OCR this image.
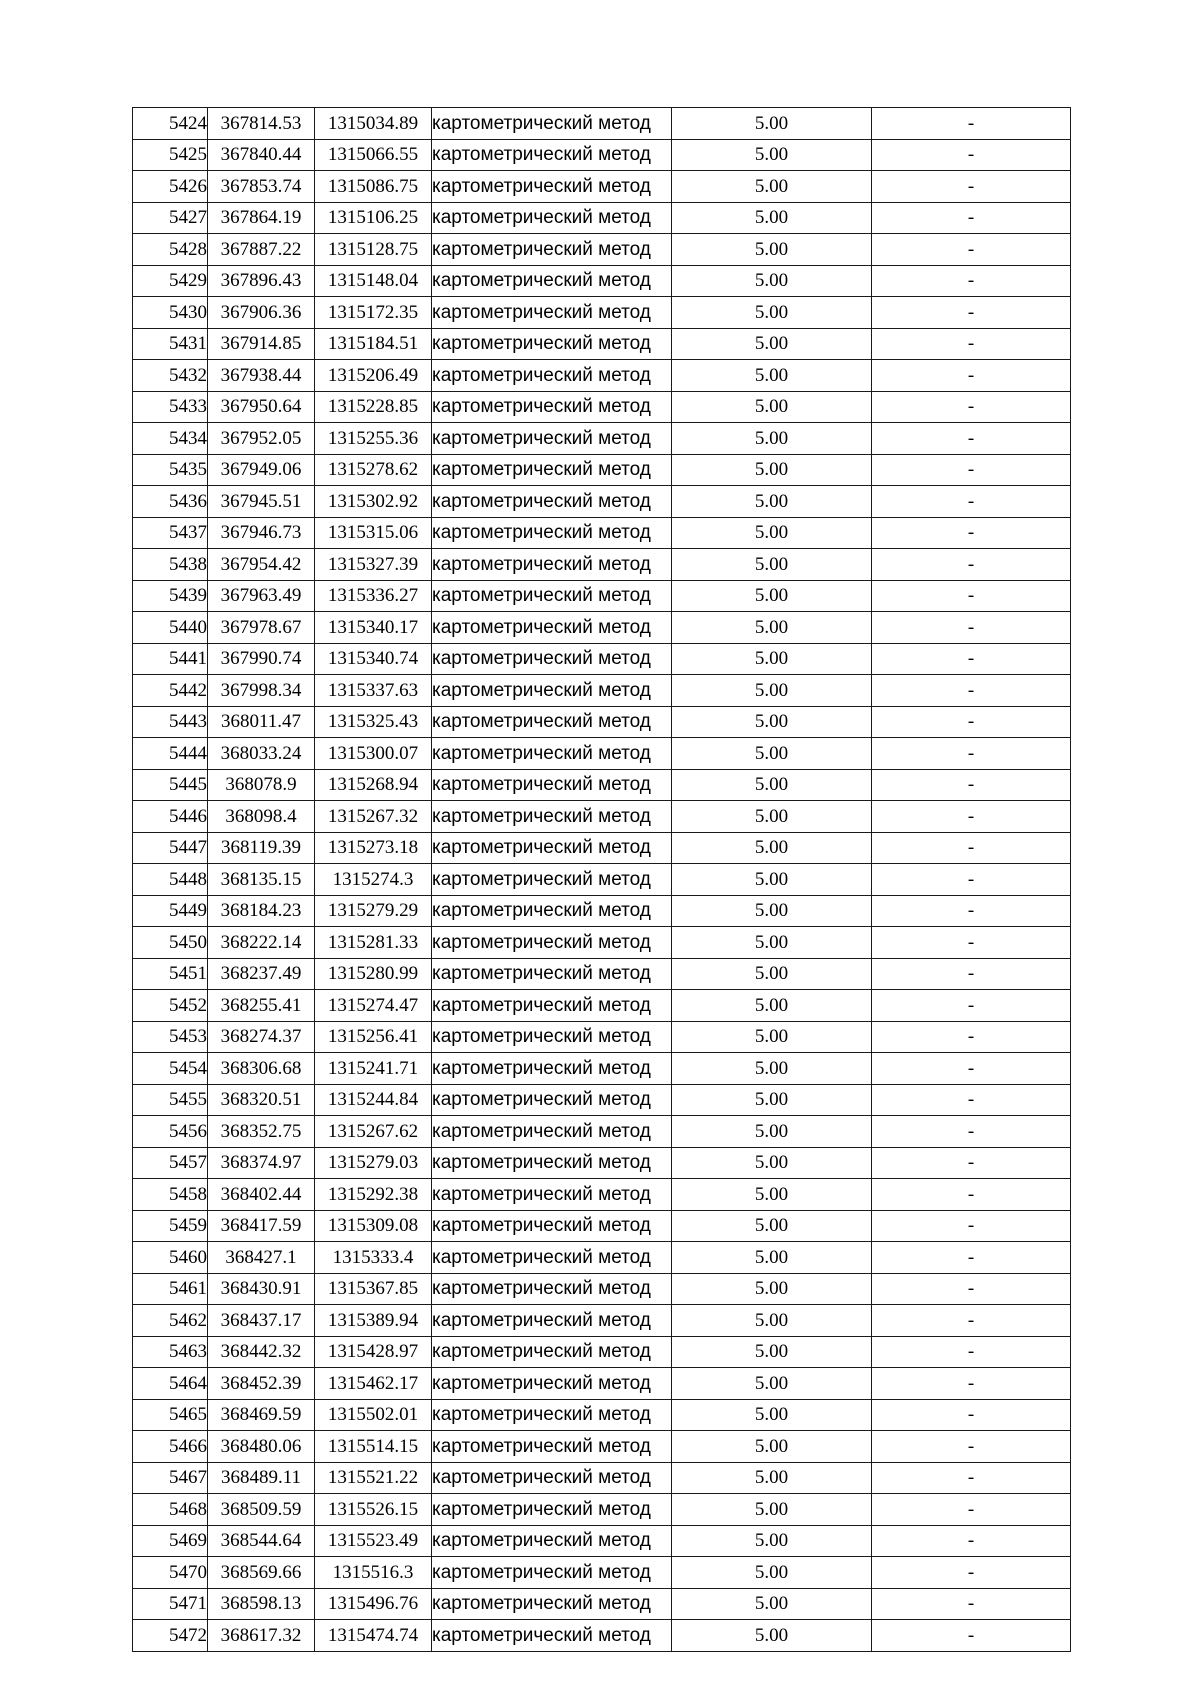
5424	367814.53	1315034.89	картометрический метод	5.00	-
5425	367840.44	1315066.55	картометрический метод	5.00	-
5426	367853.74	1315086.75	картометрический метод	5.00	-
5427	367864.19	1315106.25	картометрический метод	5.00	-
5428	367887.22	1315128.75	картометрический метод	5.00	-
5429	367896.43	1315148.04	картометрический метод	5.00	-
5430	367906.36	1315172.35	картометрический метод	5.00	-
5431	367914.85	1315184.51	картометрический метод	5.00	-
5432	367938.44	1315206.49	картометрический метод	5.00	-
5433	367950.64	1315228.85	картометрический метод	5.00	-
5434	367952.05	1315255.36	картометрический метод	5.00	-
5435	367949.06	1315278.62	картометрический метод	5.00	-
5436	367945.51	1315302.92	картометрический метод	5.00	-
5437	367946.73	1315315.06	картометрический метод	5.00	-
5438	367954.42	1315327.39	картометрический метод	5.00	-
5439	367963.49	1315336.27	картометрический метод	5.00	-
5440	367978.67	1315340.17	картометрический метод	5.00	-
5441	367990.74	1315340.74	картометрический метод	5.00	-
5442	367998.34	1315337.63	картометрический метод	5.00	-
5443	368011.47	1315325.43	картометрический метод	5.00	-
5444	368033.24	1315300.07	картометрический метод	5.00	-
5445	368078.9	1315268.94	картометрический метод	5.00	-
5446	368098.4	1315267.32	картометрический метод	5.00	-
5447	368119.39	1315273.18	картометрический метод	5.00	-
5448	368135.15	1315274.3	картометрический метод	5.00	-
5449	368184.23	1315279.29	картометрический метод	5.00	-
5450	368222.14	1315281.33	картометрический метод	5.00	-
5451	368237.49	1315280.99	картометрический метод	5.00	-
5452	368255.41	1315274.47	картометрический метод	5.00	-
5453	368274.37	1315256.41	картометрический метод	5.00	-
5454	368306.68	1315241.71	картометрический метод	5.00	-
5455	368320.51	1315244.84	картометрический метод	5.00	-
5456	368352.75	1315267.62	картометрический метод	5.00	-
5457	368374.97	1315279.03	картометрический метод	5.00	-
5458	368402.44	1315292.38	картометрический метод	5.00	-
5459	368417.59	1315309.08	картометрический метод	5.00	-
5460	368427.1	1315333.4	картометрический метод	5.00	-
5461	368430.91	1315367.85	картометрический метод	5.00	-
5462	368437.17	1315389.94	картометрический метод	5.00	-
5463	368442.32	1315428.97	картометрический метод	5.00	-
5464	368452.39	1315462.17	картометрический метод	5.00	-
5465	368469.59	1315502.01	картометрический метод	5.00	-
5466	368480.06	1315514.15	картометрический метод	5.00	-
5467	368489.11	1315521.22	картометрический метод	5.00	-
5468	368509.59	1315526.15	картометрический метод	5.00	-
5469	368544.64	1315523.49	картометрический метод	5.00	-
5470	368569.66	1315516.3	картометрический метод	5.00	-
5471	368598.13	1315496.76	картометрический метод	5.00	-
5472	368617.32	1315474.74	картометрический метод	5.00	-
